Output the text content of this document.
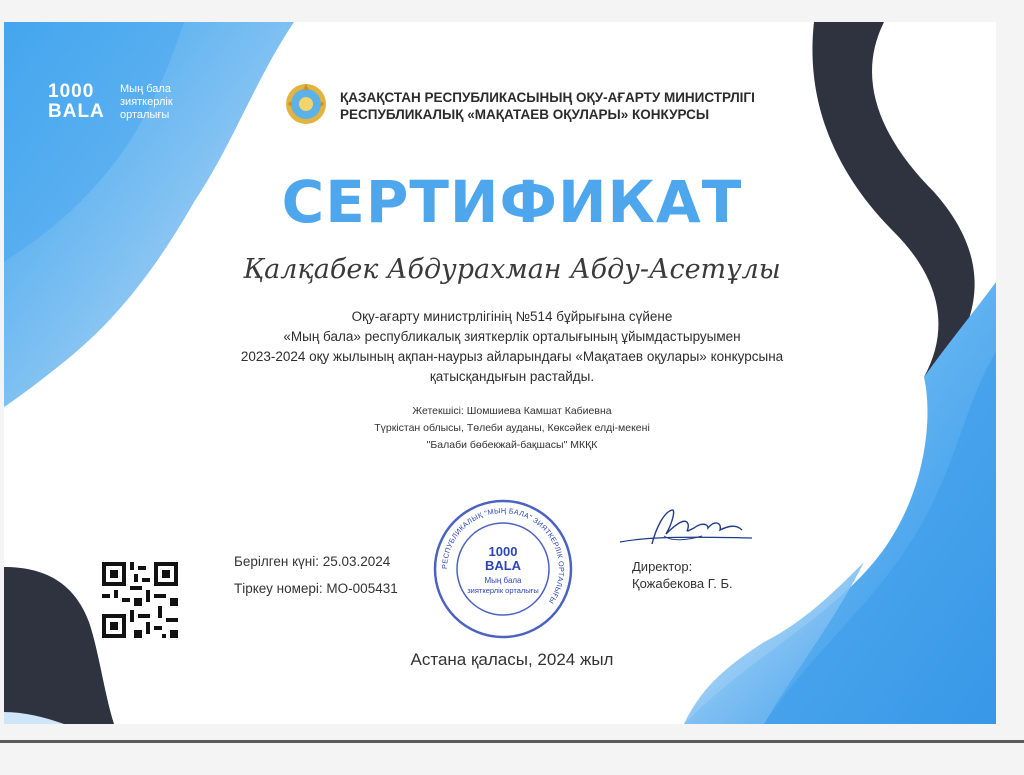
1000
BALA
Мың бала зияткерлік орталығы
ҚАЗАҚСТАН РЕСПУБЛИКАСЫНЫҢ ОҚУ-АҒАРТУ МИНИСТРЛІГІ
РЕСПУБЛИКАЛЫҚ «МАҚАТАЕВ ОҚУЛАРЫ» КОНКУРСЫ
СЕРТИФИКАТ
Қалқабек Абдурахман Абду-Асетұлы
Оқу-ағарту министрлігінің №514 бұйрығына сүйене
«Мың бала» республикалық зияткерлік орталығының ұйымдастыруымен
2023-2024 оқу жылының ақпан-наурыз айларындағы «Мақатаев оқулары» конкурсына
қатысқандығын растайды.
Жетекшісі: Шомшиева Камшат Кабиевна
Түркістан облысы, Төлеби ауданы, Көксәйек елді-мекені
"Балаби бөбекжай-бақшасы" МКҚК
Берілген күні: 25.03.2024
Тіркеу номері: МО-005431
РЕСПУБЛИКАЛЫҚ "МЫҢ БАЛА" ЗИЯТКЕРЛІК ОРТАЛЫҒЫ
1000
BALA
Мың бала
зияткерлік орталығы
Директор:
Қожабекова Г. Б.
Астана қаласы, 2024 жыл
